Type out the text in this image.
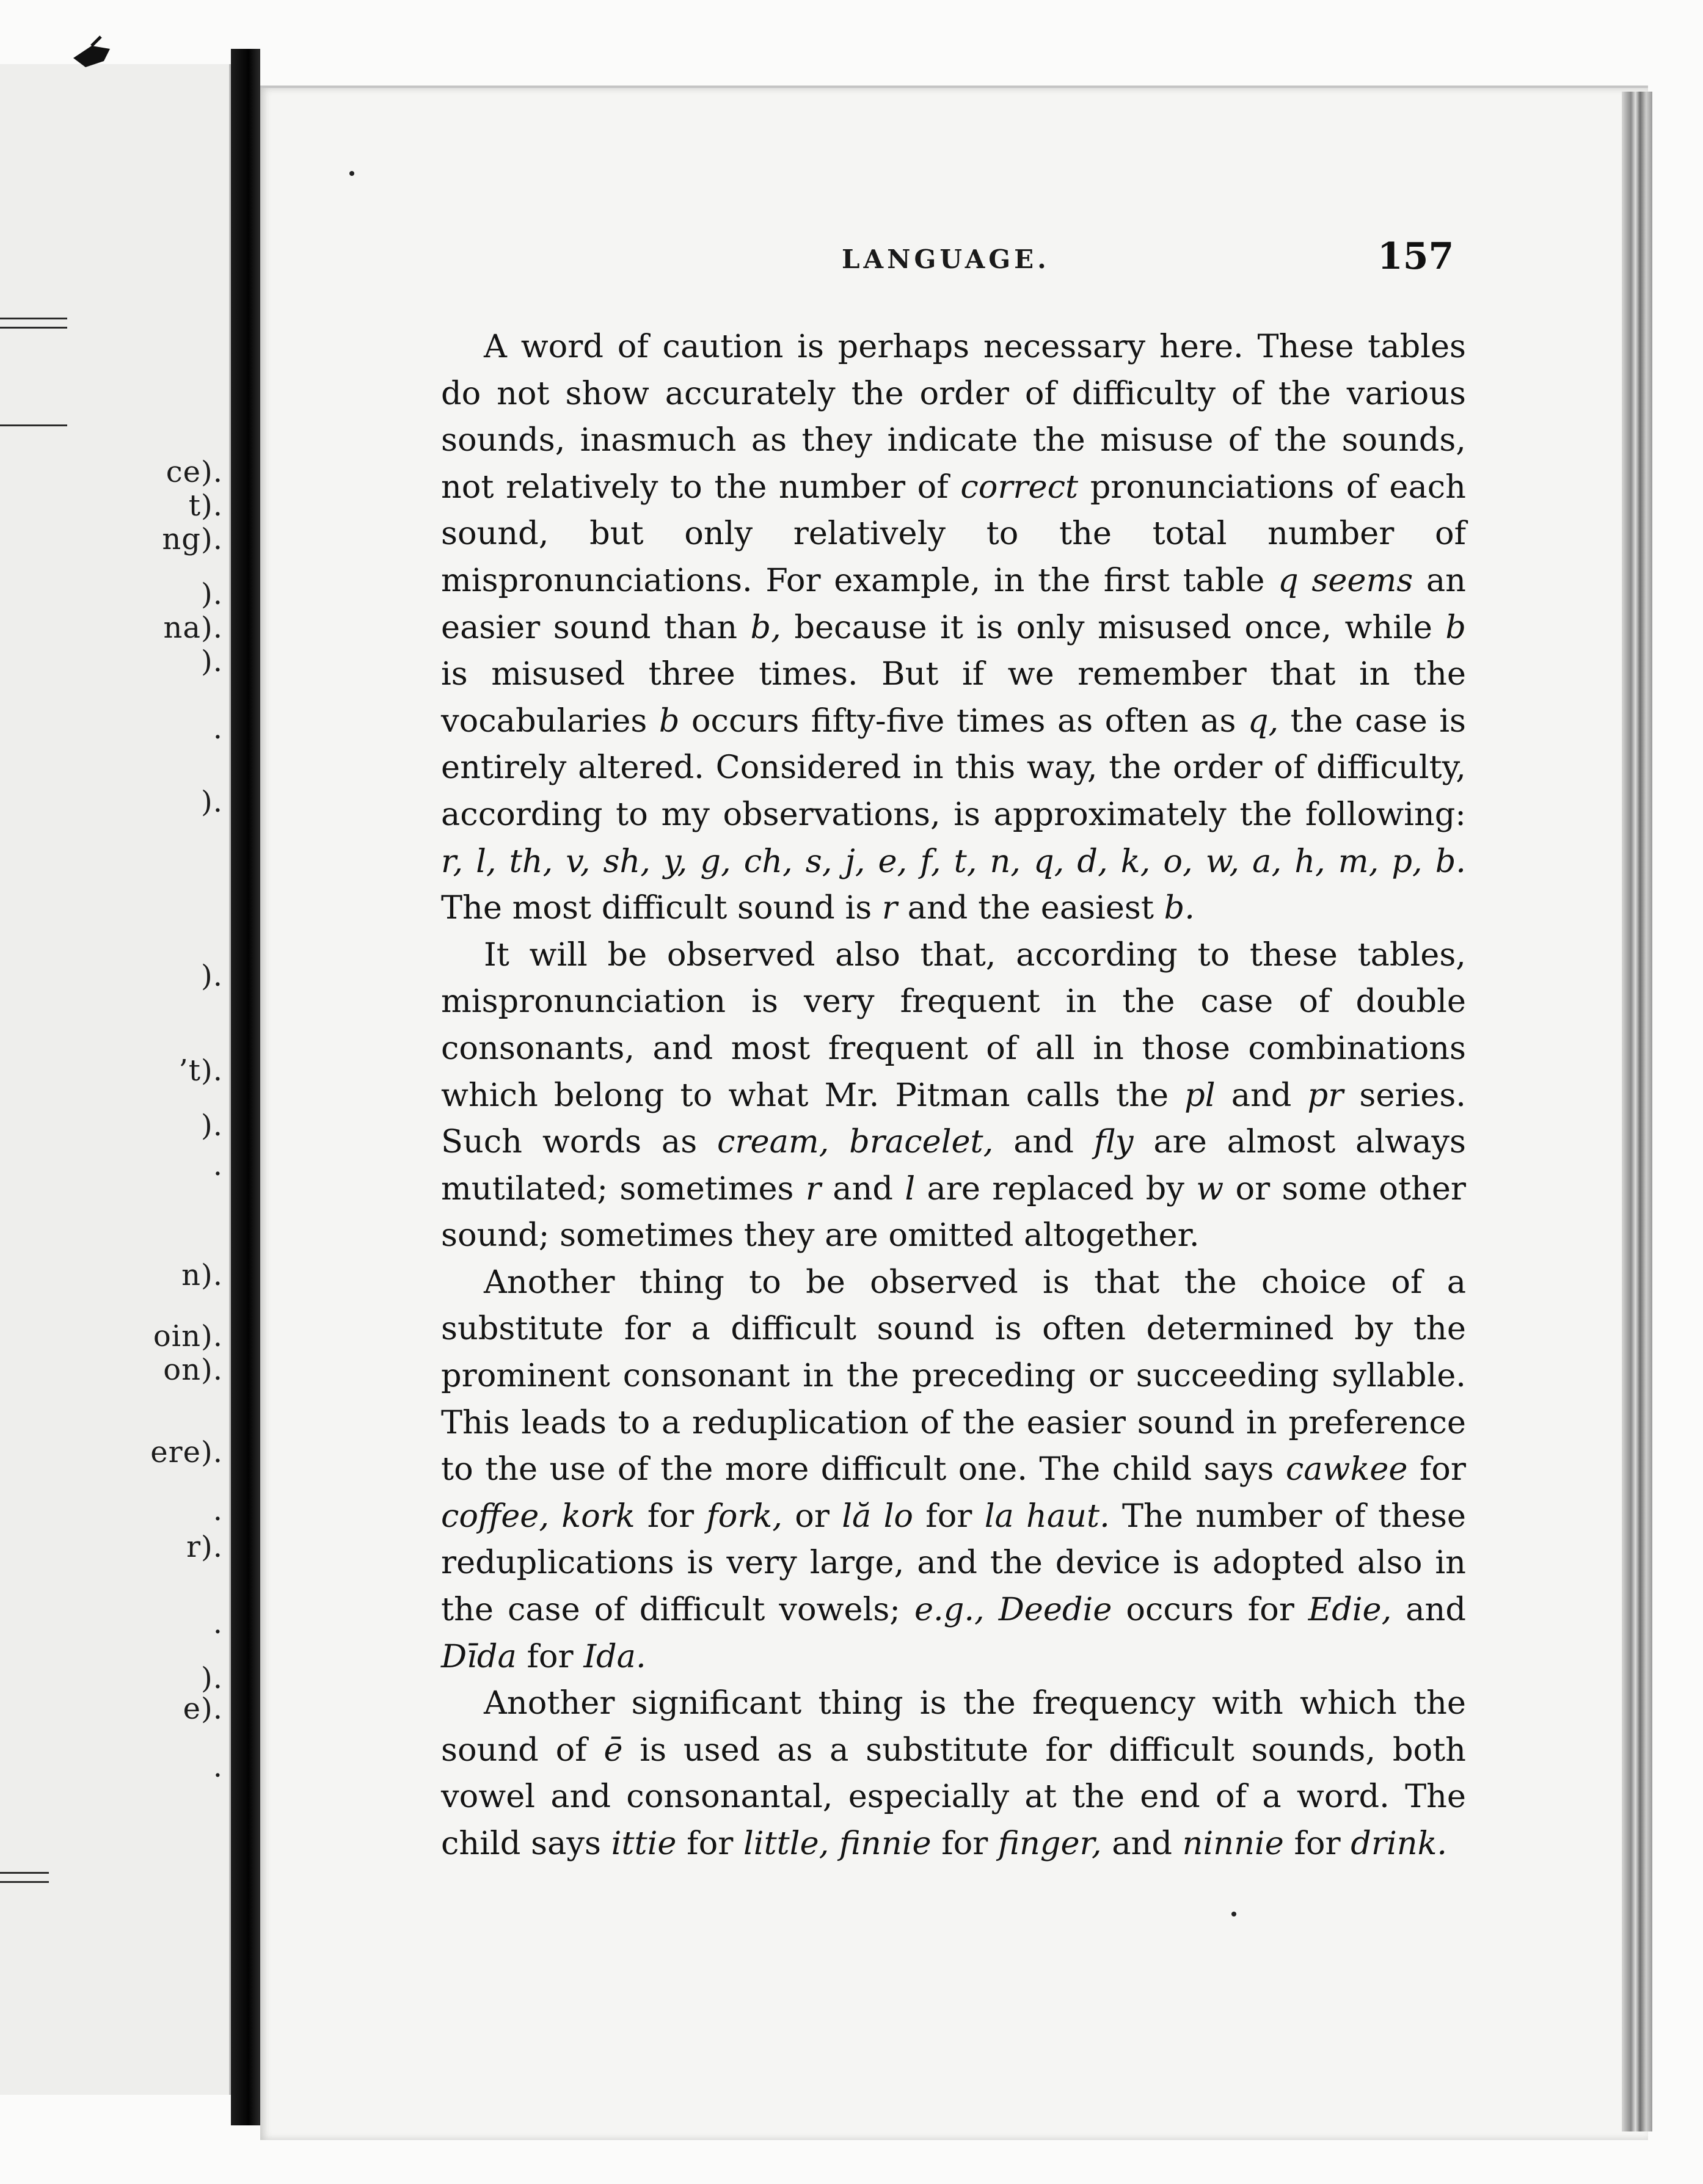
ce).
t).
ng).
).
na).
).
.
).
).
’t).
).
.
n).
oin).
on).
ere).
.
r).
.
).
e).
.
LANGUAGE.	157

A word of caution is perhaps necessary here. These tables do not show accurately the order of difficulty of the various sounds, inasmuch as they indicate the misuse of the sounds, not relatively to the number of correct pronunciations of each sound, but only relatively to the total number of mispronunciations. For example, in the first table q seems an easier sound than b, because it is only misused once, while b is misused three times. But if we remember that in the vocabularies b occurs fifty-five times as often as q, the case is entirely altered. Considered in this way, the order of difficulty, according to my observations, is approximately the following: r, l, th, v, sh, y, g, ch, s, j, e, f, t, n, q, d, k, o, w, a, h, m, p, b. The most difficult sound is r and the easiest b.

It will be observed also that, according to these tables, mispronunciation is very frequent in the case of double consonants, and most frequent of all in those combinations which belong to what Mr. Pitman calls the pl and pr series. Such words as cream, bracelet, and fly are almost always mutilated; sometimes r and l are replaced by w or some other sound; sometimes they are omitted altogether.

Another thing to be observed is that the choice of a substitute for a difficult sound is often determined by the prominent consonant in the preceding or succeeding syllable. This leads to a reduplication of the easier sound in preference to the use of the more difficult one. The child says cawkee for coffee, kork for fork, or lă lo for la haut. The number of these reduplications is very large, and the device is adopted also in the case of difficult vowels; e.g., Deedie occurs for Edie, and Dīda for Ida.

Another significant thing is the frequency with which the sound of ē is used as a substitute for difficult sounds, both vowel and consonantal, especially at the end of a word. The child says ittie for little, finnie for finger, and ninnie for drink.
